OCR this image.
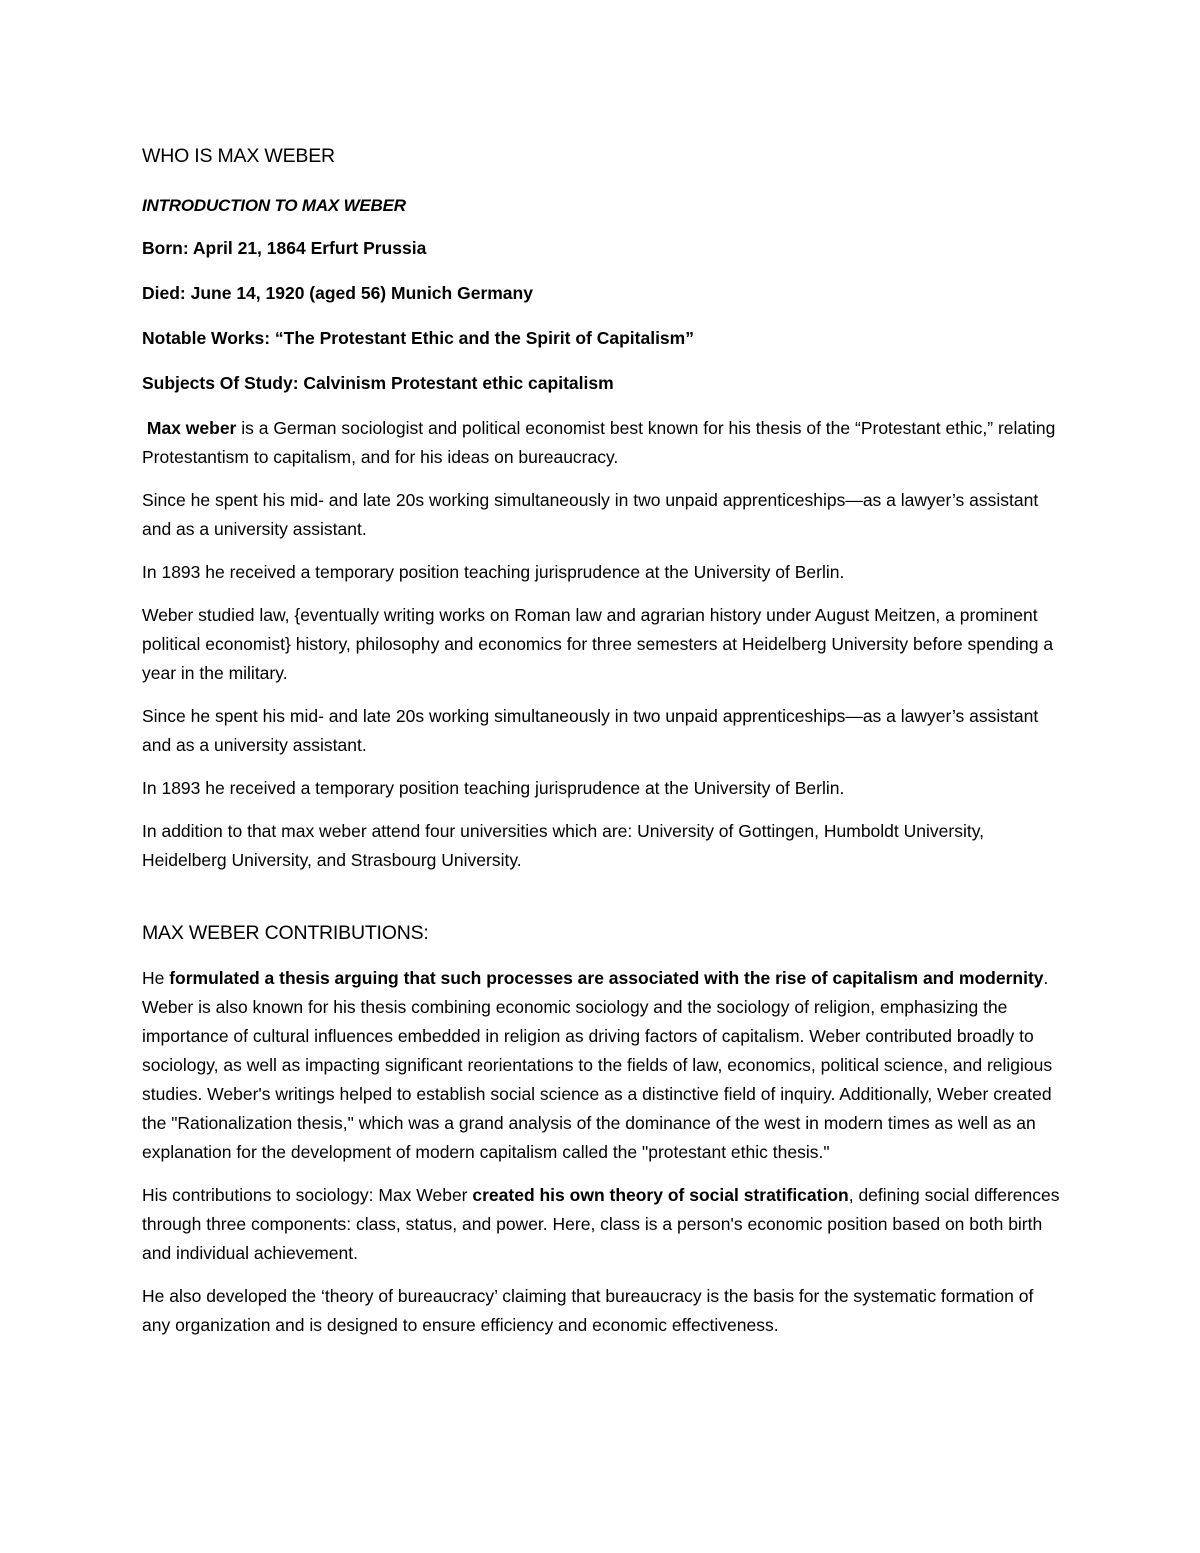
WHO IS MAX WEBER

INTRODUCTION TO MAX WEBER

Born: April 21, 1864 Erfurt Prussia

Died: June 14, 1920 (aged 56) Munich Germany

Notable Works: “The Protestant Ethic and the Spirit of Capitalism”

Subjects Of Study: Calvinism Protestant ethic capitalism

Max weber is a German sociologist and political economist best known for his thesis of the “Protestant ethic,” relating Protestantism to capitalism, and for his ideas on bureaucracy.

Since he spent his mid- and late 20s working simultaneously in two unpaid apprenticeships—as a lawyer’s assistant and as a university assistant.

In 1893 he received a temporary position teaching jurisprudence at the University of Berlin.

Weber studied law, {eventually writing works on Roman law and agrarian history under August Meitzen, a prominent political economist} history, philosophy and economics for three semesters at Heidelberg University before spending a year in the military.

Since he spent his mid- and late 20s working simultaneously in two unpaid apprenticeships—as a lawyer’s assistant and as a university assistant.

In 1893 he received a temporary position teaching jurisprudence at the University of Berlin.

In addition to that max weber attend four universities which are: University of Gottingen, Humboldt University, Heidelberg University, and Strasbourg University.

MAX WEBER CONTRIBUTIONS:

He formulated a thesis arguing that such processes are associated with the rise of capitalism and modernity. Weber is also known for his thesis combining economic sociology and the sociology of religion, emphasizing the importance of cultural influences embedded in religion as driving factors of capitalism. Weber contributed broadly to sociology, as well as impacting significant reorientations to the fields of law, economics, political science, and religious studies. Weber's writings helped to establish social science as a distinctive field of inquiry. Additionally, Weber created the "Rationalization thesis," which was a grand analysis of the dominance of the west in modern times as well as an explanation for the development of modern capitalism called the "protestant ethic thesis."

His contributions to sociology: Max Weber created his own theory of social stratification, defining social differences through three components: class, status, and power. Here, class is a person's economic position based on both birth and individual achievement.

He also developed the ‘theory of bureaucracy’ claiming that bureaucracy is the basis for the systematic formation of any organization and is designed to ensure efficiency and economic effectiveness.
